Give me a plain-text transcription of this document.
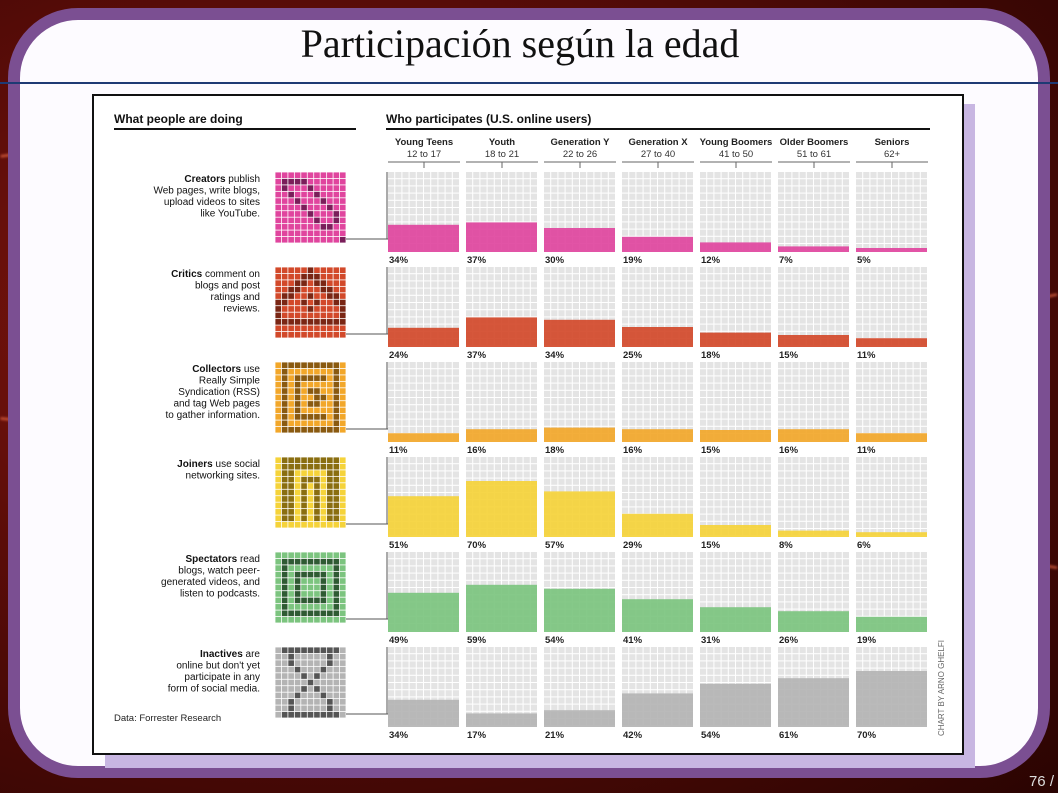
Participación según la edad
What people are doing	Who participates (U.S. online users)
Young Teens
12 to 17
Youth
18 to 21
Generation Y
22 to 26
Generation X
27 to 40
Young Boomers
41 to 50
Older Boomers
51 to 61
Seniors
62+
Creators publish Web pages, write blogs, upload videos to sites like YouTube.
34%	37%	30%	19%	12%	7%	5%
Critics comment on blogs and post ratings and reviews.
24%	37%	34%	25%	18%	15%	11%
Collectors use Really Simple Syndication (RSS) and tag Web pages to gather information.
11%	16%	18%	16%	15%	16%	11%
Joiners use social networking sites.
51%	70%	57%	29%	15%	8%	6%
Spectators read blogs, watch peer-generated videos, and listen to podcasts.
49%	59%	54%	41%	31%	26%	19%
Inactives are online but don't yet participate in any form of social media.
34%	17%	21%	42%	54%	61%	70%
Data: Forrester Research	CHART BY ARNO GHELFI
76 /
